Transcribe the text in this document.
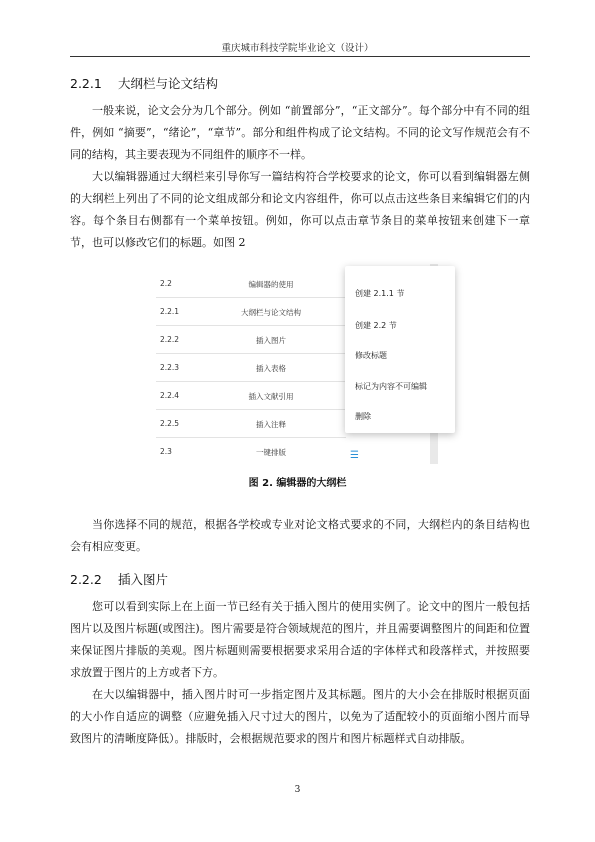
重庆城市科技学院毕业论文（设计）
2.2.1 大纲栏与论文结构

一般来说，论文会分为几个部分。例如 “前置部分”，“正文部分”。每个部分中有不同的组件，例如 “摘要”，“绪论”，“章节”。部分和组件构成了论文结构。不同的论文写作规范会有不同的结构，其主要表现为不同组件的顺序不一样。

大以编辑器通过大纲栏来引导你写一篇结构符合学校要求的论文，你可以看到编辑器左侧的大纲栏上列出了不同的论文组成部分和论文内容组件，你可以点击这些条目来编辑它们的内容。每个条目右侧都有一个菜单按钮。例如，你可以点击章节条目的菜单按钮来创建下一章节，也可以修改它们的标题。如图 2

2.2	编辑器的使用
2.2.1	大纲栏与论文结构
2.2.2	插入图片
2.2.3	插入表格
2.2.4	插入文献引用
2.2.5	插入注释
2.3	一键排版	☰
创建 2.1.1 节
创建 2.2 节
修改标题
标记为内容不可编辑
删除
图 2. 编辑器的大纲栏

当你选择不同的规范，根据各学校或专业对论文格式要求的不同，大纲栏内的条目结构也会有相应变更。

2.2.2 插入图片

您可以看到实际上在上面一节已经有关于插入图片的使用实例了。论文中的图片一般包括图片以及图片标题(或图注)。图片需要是符合领域规范的图片，并且需要调整图片的间距和位置来保证图片排版的美观。图片标题则需要根据要求采用合适的字体样式和段落样式，并按照要求放置于图片的上方或者下方。

在大以编辑器中，插入图片时可一步指定图片及其标题。图片的大小会在排版时根据页面的大小作自适应的调整（应避免插入尺寸过大的图片，以免为了适配较小的页面缩小图片而导致图片的清晰度降低）。排版时，会根据规范要求的图片和图片标题样式自动排版。

3
